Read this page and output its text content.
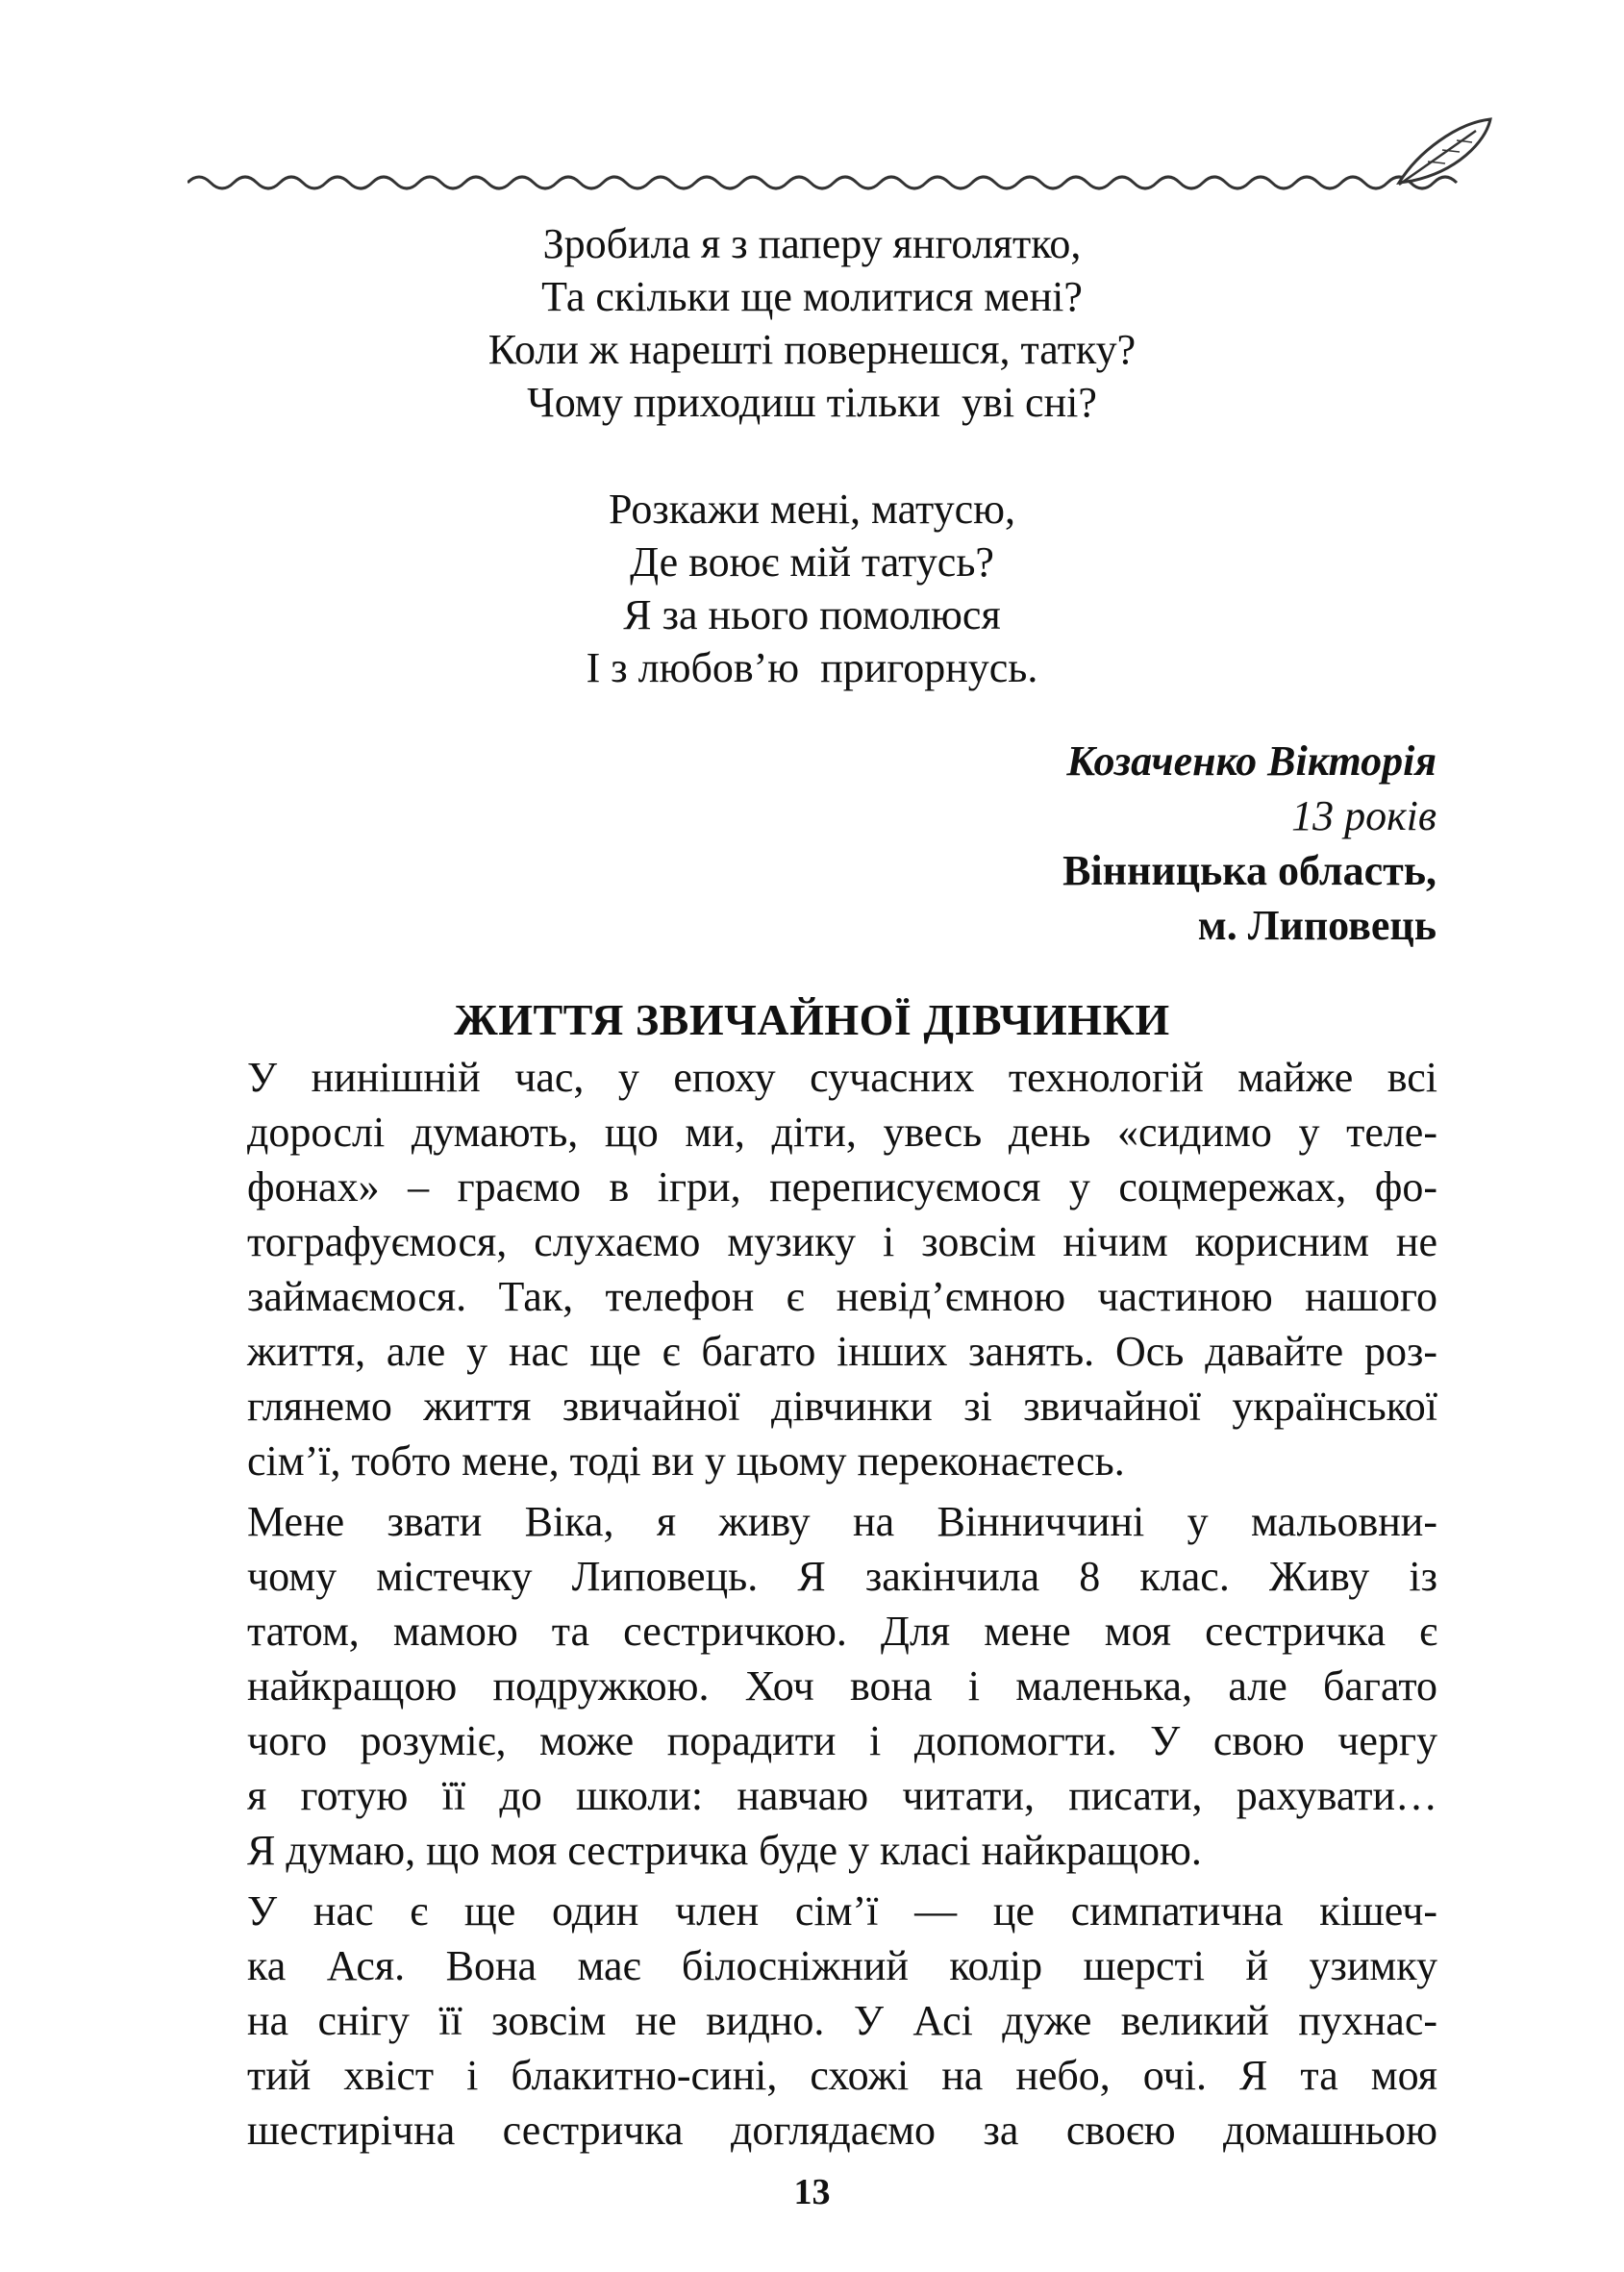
Зробила я з паперу янголятко,
Та скільки ще молитися мені?
Коли ж нарешті повернешся, татку?
Чому приходиш тільки  уві сні?
Розкажи мені, матусю,
Де воює мій татусь?
Я за нього помолюся
І з любов’ю  пригорнусь.
Козаченко Вікторія
13 років
Вінницька область,
м. Липовець
ЖИТТЯ ЗВИЧАЙНОЇ ДІВЧИНКИ

У нинішній час, у епоху сучасних технологій майже всі
дорослі думають, що ми, діти, увесь день «сидимо у теле-
фонах» – граємо в ігри, переписуємося у соцмережах, фо-
тографуємося, слухаємо музику і зовсім нічим корисним не
займаємося. Так, телефон є невід’ємною частиною нашого
життя, але у нас ще є багато інших занять. Ось давайте роз-
глянемо життя звичайної дівчинки зі звичайної української
сім’ї, тобто мене, тоді ви у цьому переконаєтесь.

Мене звати Віка, я живу на Вінниччині у мальовни-
чому містечку Липовець. Я закінчила 8 клас. Живу із
татом, мамою та сестричкою. Для мене моя сестричка є
найкращою подружкою. Хоч вона і маленька, але багато
чого розуміє, може порадити і допомогти. У свою чергу
я готую її до школи: навчаю читати, писати, рахувати…
Я думаю, що моя сестричка буде у класі найкращою.

У нас є ще один член сім’ї — це симпатична кішеч-
ка Ася. Вона має білосніжний колір шерсті й узимку
на снігу її зовсім не видно. У Асі дуже великий пухнас-
тий хвіст і блакитно-сині, схожі на небо, очі. Я та моя
шестирічна сестричка доглядаємо за своєю домашньою

13
